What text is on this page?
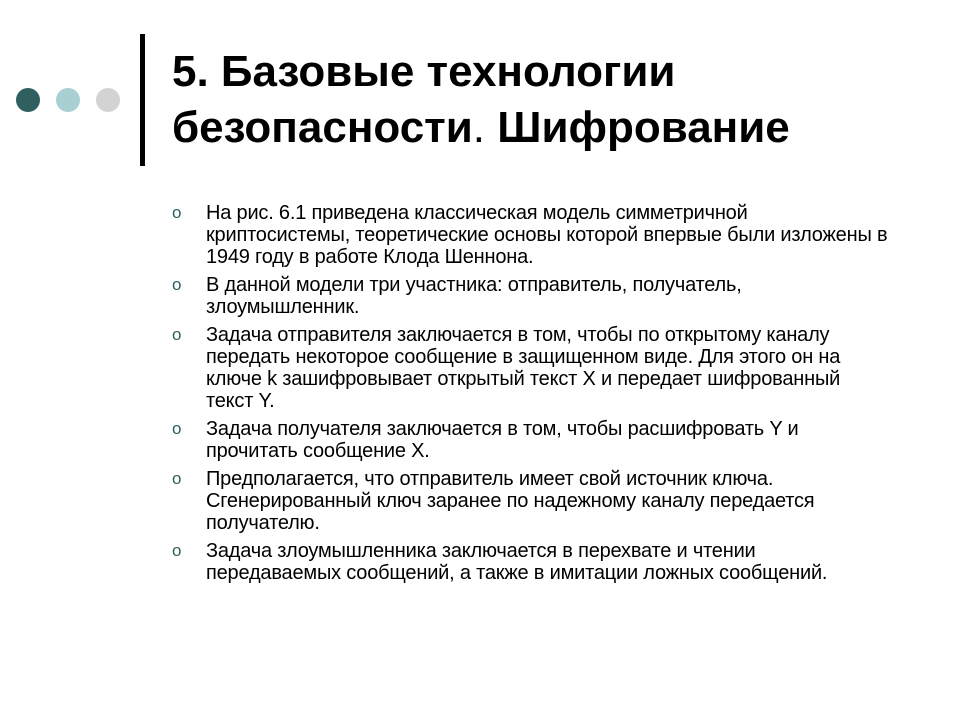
5. Базовые технологии
безопасности. Шифрование
o На рис. 6.1 приведена классическая модель симметричной криптосистемы, теоретические основы которой впервые были изложены в 1949 году в работе Клода Шеннона.
o В данной модели три участника: отправитель, получатель, злоумышленник.
o Задача отправителя заключается в том, чтобы по открытому каналу передать некоторое сообщение в защищенном виде. Для этого он на ключе k зашифровывает открытый текст X и передает шифрованный текст Y.
o Задача получателя заключается в том, чтобы расшифровать Y и прочитать сообщение X.
o Предполагается, что отправитель имеет свой источник ключа. Сгенерированный ключ заранее по надежному каналу передается получателю.
o Задача злоумышленника заключается в перехвате и чтении передаваемых сообщений, а также в имитации ложных сообщений.
